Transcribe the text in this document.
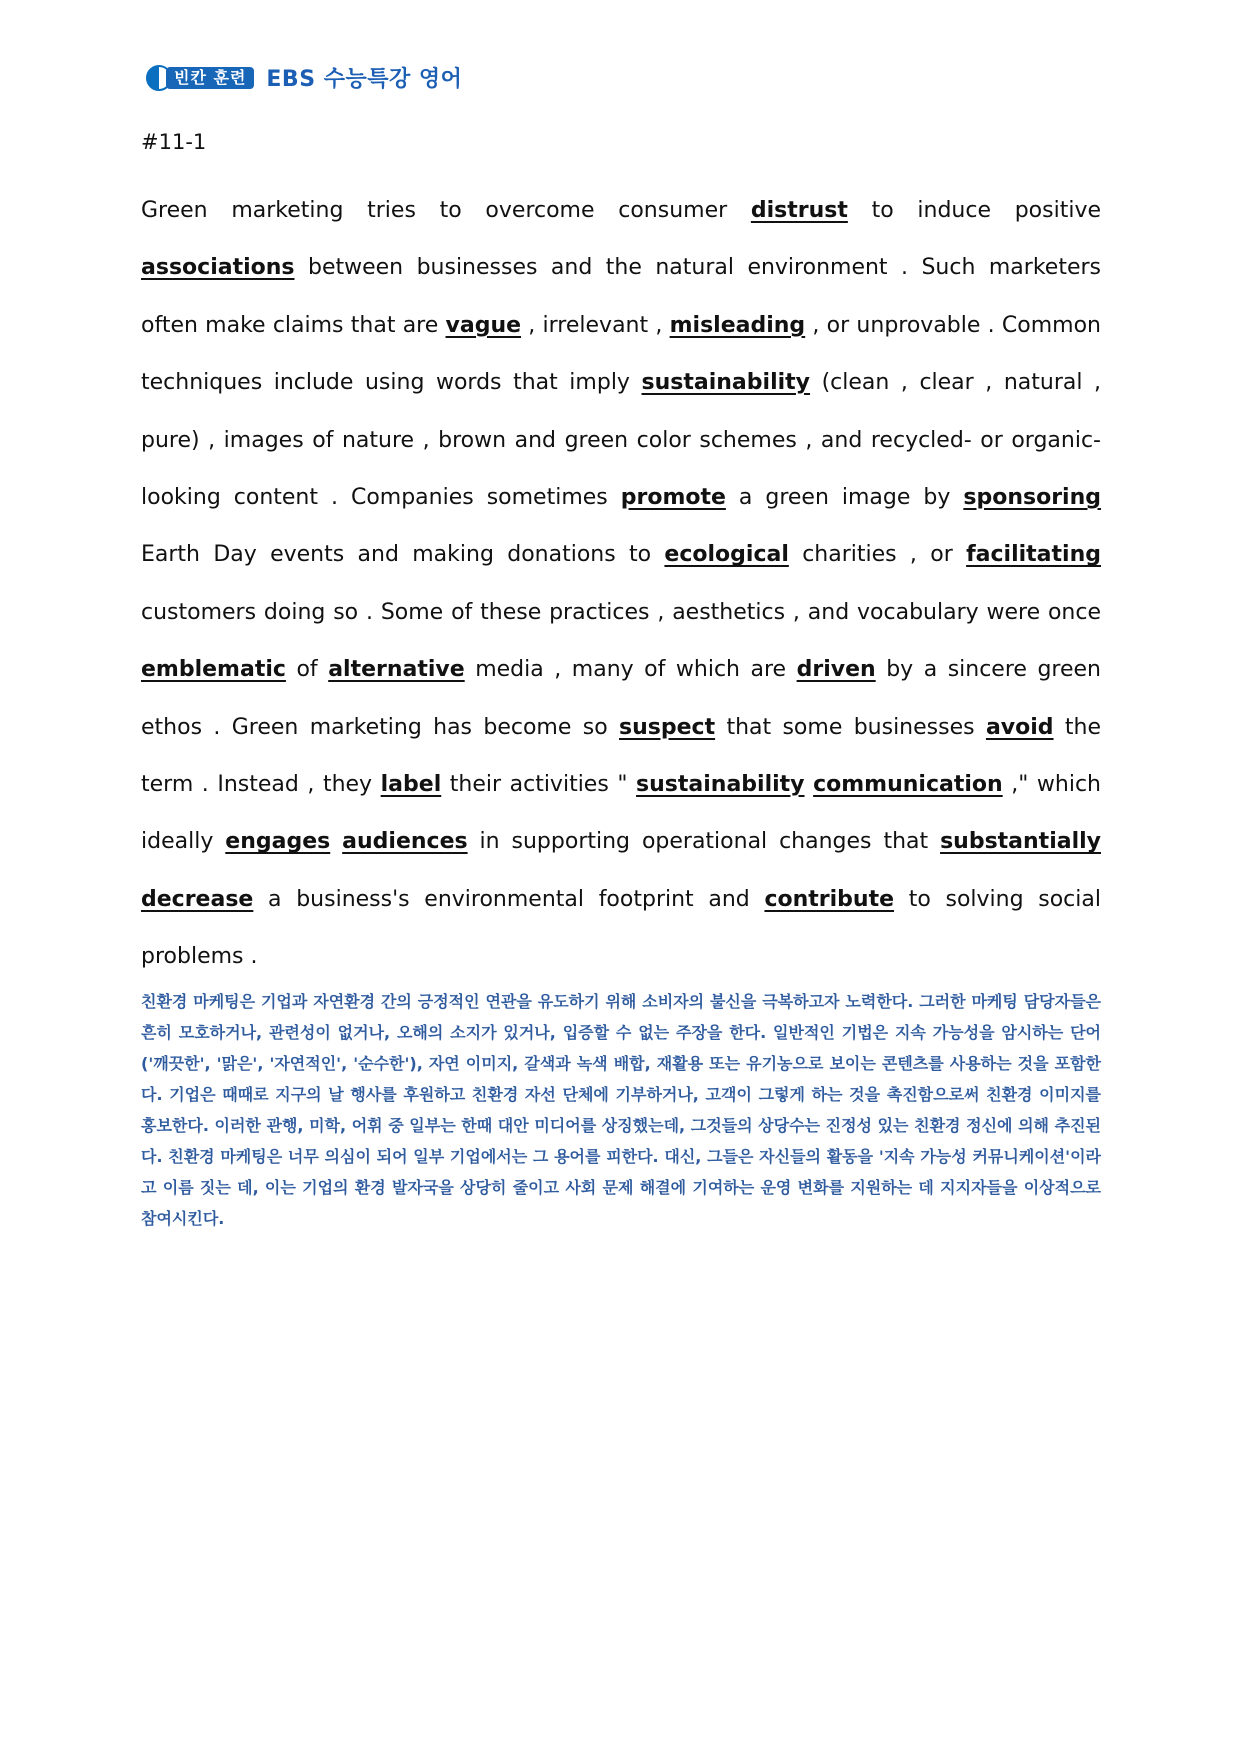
빈칸 훈련 EBS 수능특강 영어
#11-1
Green marketing tries to overcome consumer distrust to induce positive associations between businesses and the natural environment . Such marketers often make claims that are vague , irrelevant , misleading , or unprovable . Common techniques include using words that imply sustainability (clean , clear , natural , pure) , images of nature , brown and green color schemes , and recycled- or organic-looking content . Companies sometimes promote a green image by sponsoring Earth Day events and making donations to ecological charities , or facilitating customers doing so . Some of these practices , aesthetics , and vocabulary were once emblematic of alternative media , many of which are driven by a sincere green ethos . Green marketing has become so suspect that some businesses avoid the term . Instead , they label their activities " sustainability communication ," which ideally engages audiences in supporting operational changes that substantially decrease a business's environmental footprint and contribute to solving social problems .
친환경 마케팅은 기업과 자연환경 간의 긍정적인 연관을 유도하기 위해 소비자의 불신을 극복하고자 노력한다. 그러한 마케팅 담당자들은 흔히 모호하거나, 관련성이 없거나, 오해의 소지가 있거나, 입증할 수 없는 주장을 한다. 일반적인 기법은 지속 가능성을 암시하는 단어('깨끗한', '맑은', '자연적인', '순수한'), 자연 이미지, 갈색과 녹색 배합, 재활용 또는 유기농으로 보이는 콘텐츠를 사용하는 것을 포함한다. 기업은 때때로 지구의 날 행사를 후원하고 친환경 자선 단체에 기부하거나, 고객이 그렇게 하는 것을 촉진함으로써 친환경 이미지를 홍보한다. 이러한 관행, 미학, 어휘 중 일부는 한때 대안 미디어를 상징했는데, 그것들의 상당수는 진정성 있는 친환경 정신에 의해 추진된다. 친환경 마케팅은 너무 의심이 되어 일부 기업에서는 그 용어를 피한다. 대신, 그들은 자신들의 활동을 '지속 가능성 커뮤니케이션'이라고 이름 짓는 데, 이는 기업의 환경 발자국을 상당히 줄이고 사회 문제 해결에 기여하는 운영 변화를 지원하는 데 지지자들을 이상적으로 참여시킨다.
